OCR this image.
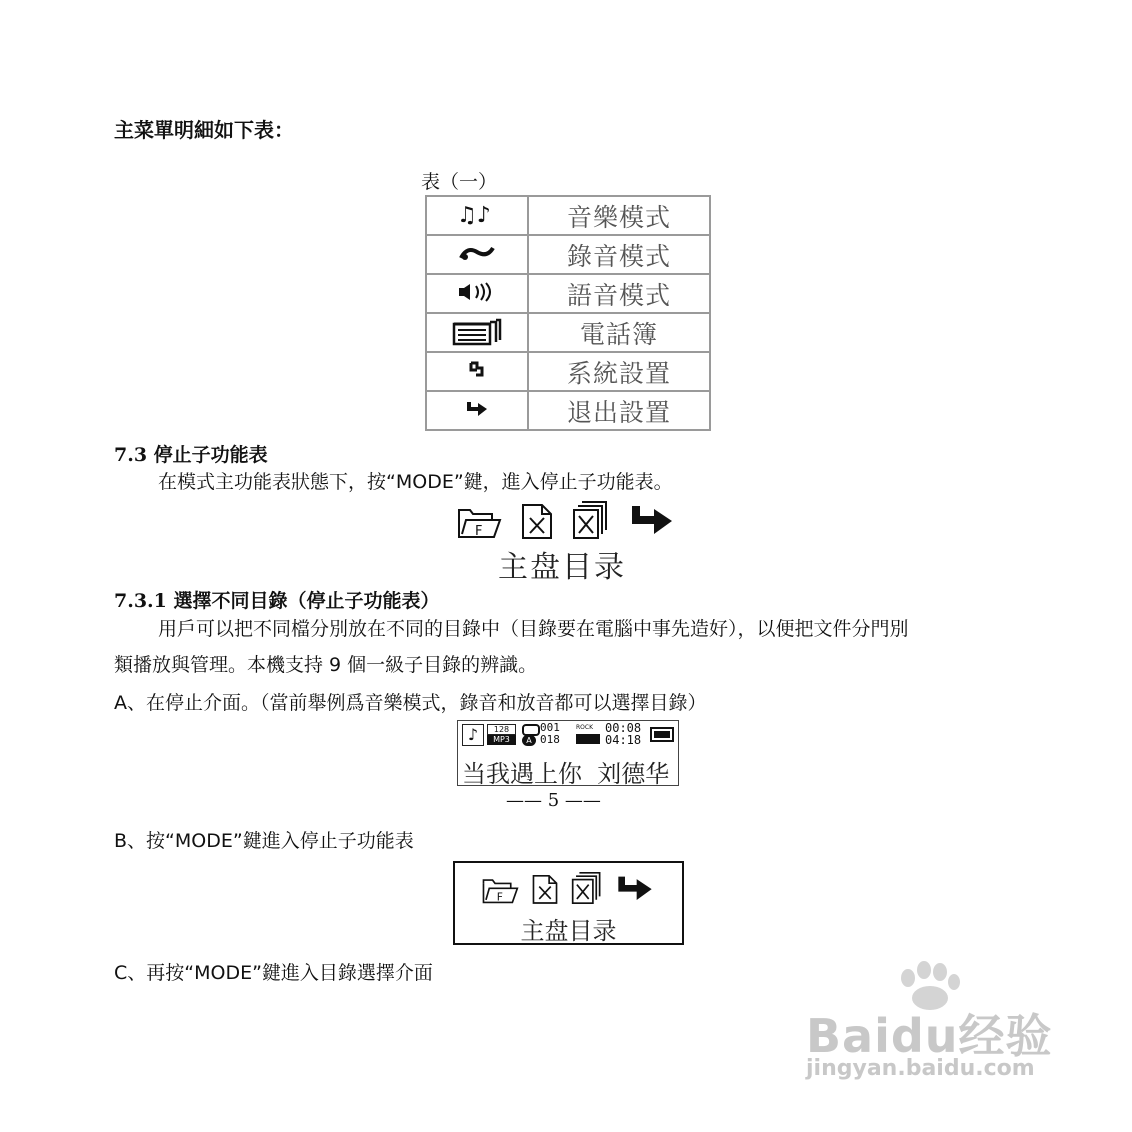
主菜單明細如下表：
表（一）
♫♪	音樂模式
	錄音模式
	語音模式
	電話簿
	系統設置
	退出設置
7.3 停止子功能表
在模式主功能表狀態下，按“MODE”鍵，進入停止子功能表。
F
主盘目录
7.3.1 選擇不同目錄（停止子功能表）
用戶可以把不同檔分別放在不同的目錄中（目錄要在電腦中事先造好），以便把文件分門別
類播放與管理。本機支持 9 個一級子目錄的辨識。
A、在停止介面。（當前舉例爲音樂模式，錄音和放音都可以選擇目錄）
♪	128
MP3	A
001
018
ROCK 00:08
04:18
当我遇上你  刘德华
—— 5 ——
B、按“MODE”鍵進入停止子功能表
F
主盘目录
C、再按“MODE”鍵進入目錄選擇介面
Baidu经验
jingyan.baidu.com
